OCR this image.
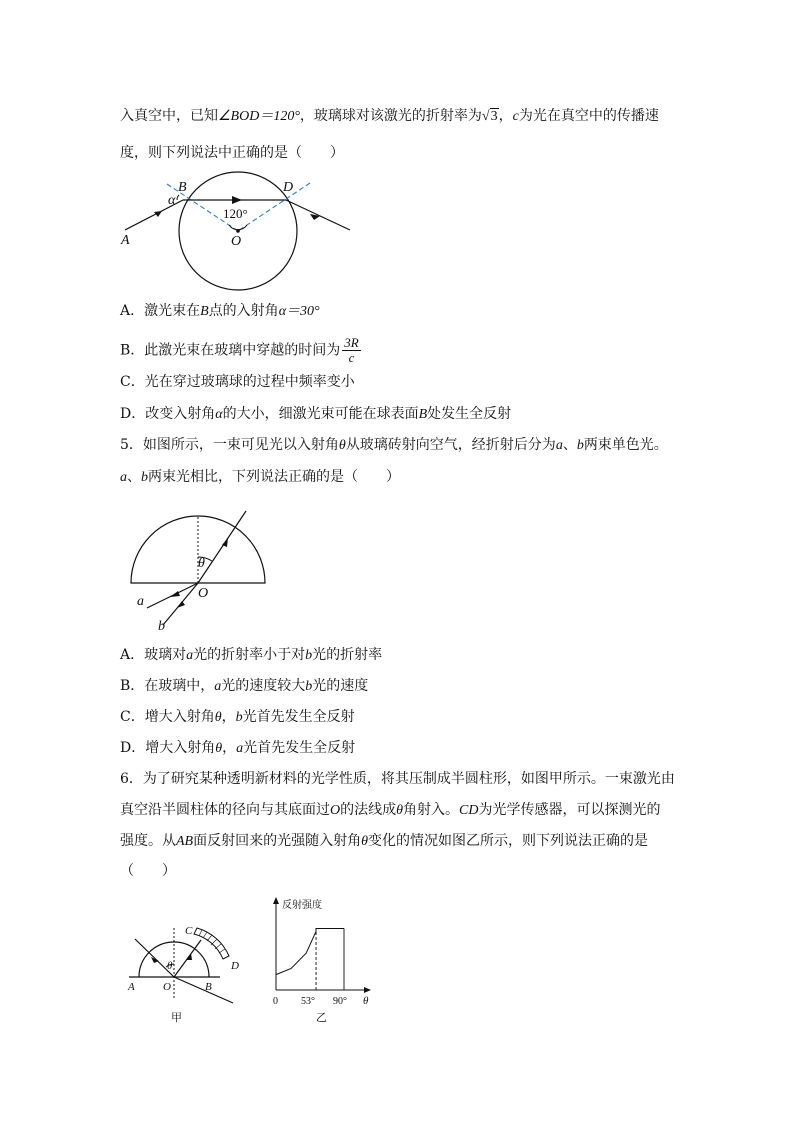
入真空中，已知∠BOD＝120°，玻璃球对该激光的折射率为√3，c为光在真空中的传播速
度，则下列说法中正确的是（　　）
B	D
α
120°
O
A
A．激光束在B点的入射角α＝30°
B．此激光束在玻璃中穿越的时间为 $\frac{3R}{c}$
C．光在穿过玻璃球的过程中频率变小
D．改变入射角α的大小，细激光束可能在球表面B处发生全反射
5．如图所示，一束可见光以入射角θ从玻璃砖射向空气，经折射后分为a、b两束单色光。
a、b两束光相比，下列说法正确的是（　　）
θ
O
a
b
A．玻璃对a光的折射率小于对b光的折射率
B．在玻璃中，a光的速度较大b光的速度
C．增大入射角θ，b光首先发生全反射
D．增大入射角θ，a光首先发生全反射
6．为了研究某种透明新材料的光学性质，将其压制成半圆柱形，如图甲所示。一束激光由
真空沿半圆柱体的径向与其底面过O的法线成θ角射入。CD为光学传感器，可以探测光的
强度。从AB面反射回来的光强随入射角θ变化的情况如图乙所示，则下列说法正确的是
（　　）
θ
C
D
A	O	B
甲
反射强度
θ
0 53° 90°
乙
